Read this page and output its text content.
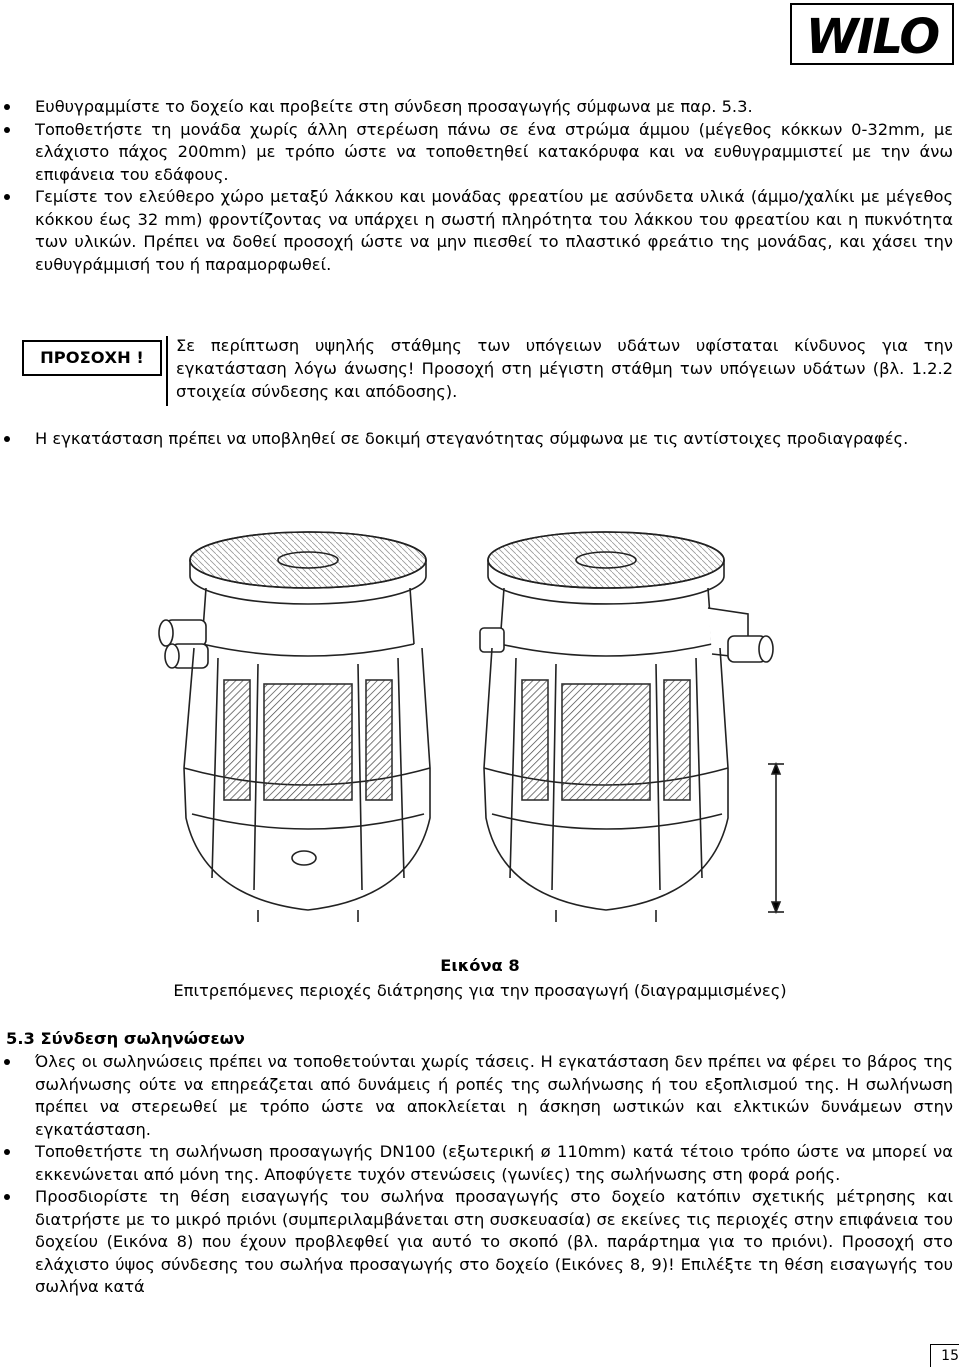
WILO
Ευθυγραμμίστε το δοχείο και προβείτε στη σύνδεση προσαγωγής σύμφωνα με παρ. 5.3.
Τοποθετήστε τη μονάδα χωρίς άλλη στερέωση πάνω σε ένα στρώμα άμμου (μέγεθος κόκκων 0-32mm, με ελάχιστο πάχος 200mm) με τρόπο ώστε να τοποθετηθεί κατακόρυφα και να ευθυγραμμιστεί με την άνω επιφάνεια του εδάφους.
Γεμίστε τον ελεύθερο χώρο μεταξύ λάκκου και μονάδας φρεατίου με ασύνδετα υλικά (άμμο/χαλίκι με μέγεθος κόκκου έως 32 mm) φροντίζοντας να υπάρχει η σωστή πληρότητα του λάκκου του φρεατίου και η πυκνότητα των υλικών. Πρέπει να δοθεί προσοχή ώστε να μην πιεσθεί το πλαστικό φρεάτιο της μονάδας, και χάσει την ευθυγράμμισή του ή παραμορφωθεί.
ΠΡΟΣΟΧΗ !
Σε περίπτωση υψηλής στάθμης των υπόγειων υδάτων υφίσταται κίνδυνος για την εγκατάσταση λόγω άνωσης! Προσοχή στη μέγιστη στάθμη των υπόγειων υδάτων (βλ. 1.2.2 στοιχεία σύνδεσης και απόδοσης).
Η εγκατάσταση πρέπει να υποβληθεί σε δοκιμή στεγανότητας σύμφωνα με τις αντίστοιχες προδιαγραφές.
Εικόνα 8
Επιτρεπόμενες περιοχές διάτρησης για την προσαγωγή (διαγραμμισμένες)
5.3 Σύνδεση σωληνώσεων
Όλες οι σωληνώσεις πρέπει να τοποθετούνται χωρίς τάσεις. Η εγκατάσταση δεν πρέπει να φέρει το βάρος της σωλήνωσης ούτε να επηρεάζεται από δυνάμεις ή ροπές της σωλήνωσης ή του εξοπλισμού της. Η σωλήνωση πρέπει να στερεωθεί με τρόπο ώστε να αποκλείεται η άσκηση ωστικών και ελκτικών δυνάμεων στην εγκατάσταση.
Τοποθετήστε τη σωλήνωση προσαγωγής DN100 (εξωτερική ø 110mm) κατά τέτοιο τρόπο ώστε να μπορεί να εκκενώνεται από μόνη της. Αποφύγετε τυχόν στενώσεις (γωνίες) της σωλήνωσης στη φορά ροής.
Προσδιορίστε τη θέση εισαγωγής του σωλήνα προσαγωγής στο δοχείο κατόπιν σχετικής μέτρησης και διατρήστε με το μικρό πριόνι (συμπεριλαμβάνεται στη συσκευασία) σε εκείνες τις περιοχές στην επιφάνεια του δοχείου (Εικόνα 8) που έχουν προβλεφθεί για αυτό το σκοπό (βλ. παράρτημα για το πριόνι). Προσοχή στο ελάχιστο ύψος σύνδεσης του σωλήνα προσαγωγής στο δοχείο (Εικόνες 8, 9)! Επιλέξτε τη θέση εισαγωγής του σωλήνα κατά
15
